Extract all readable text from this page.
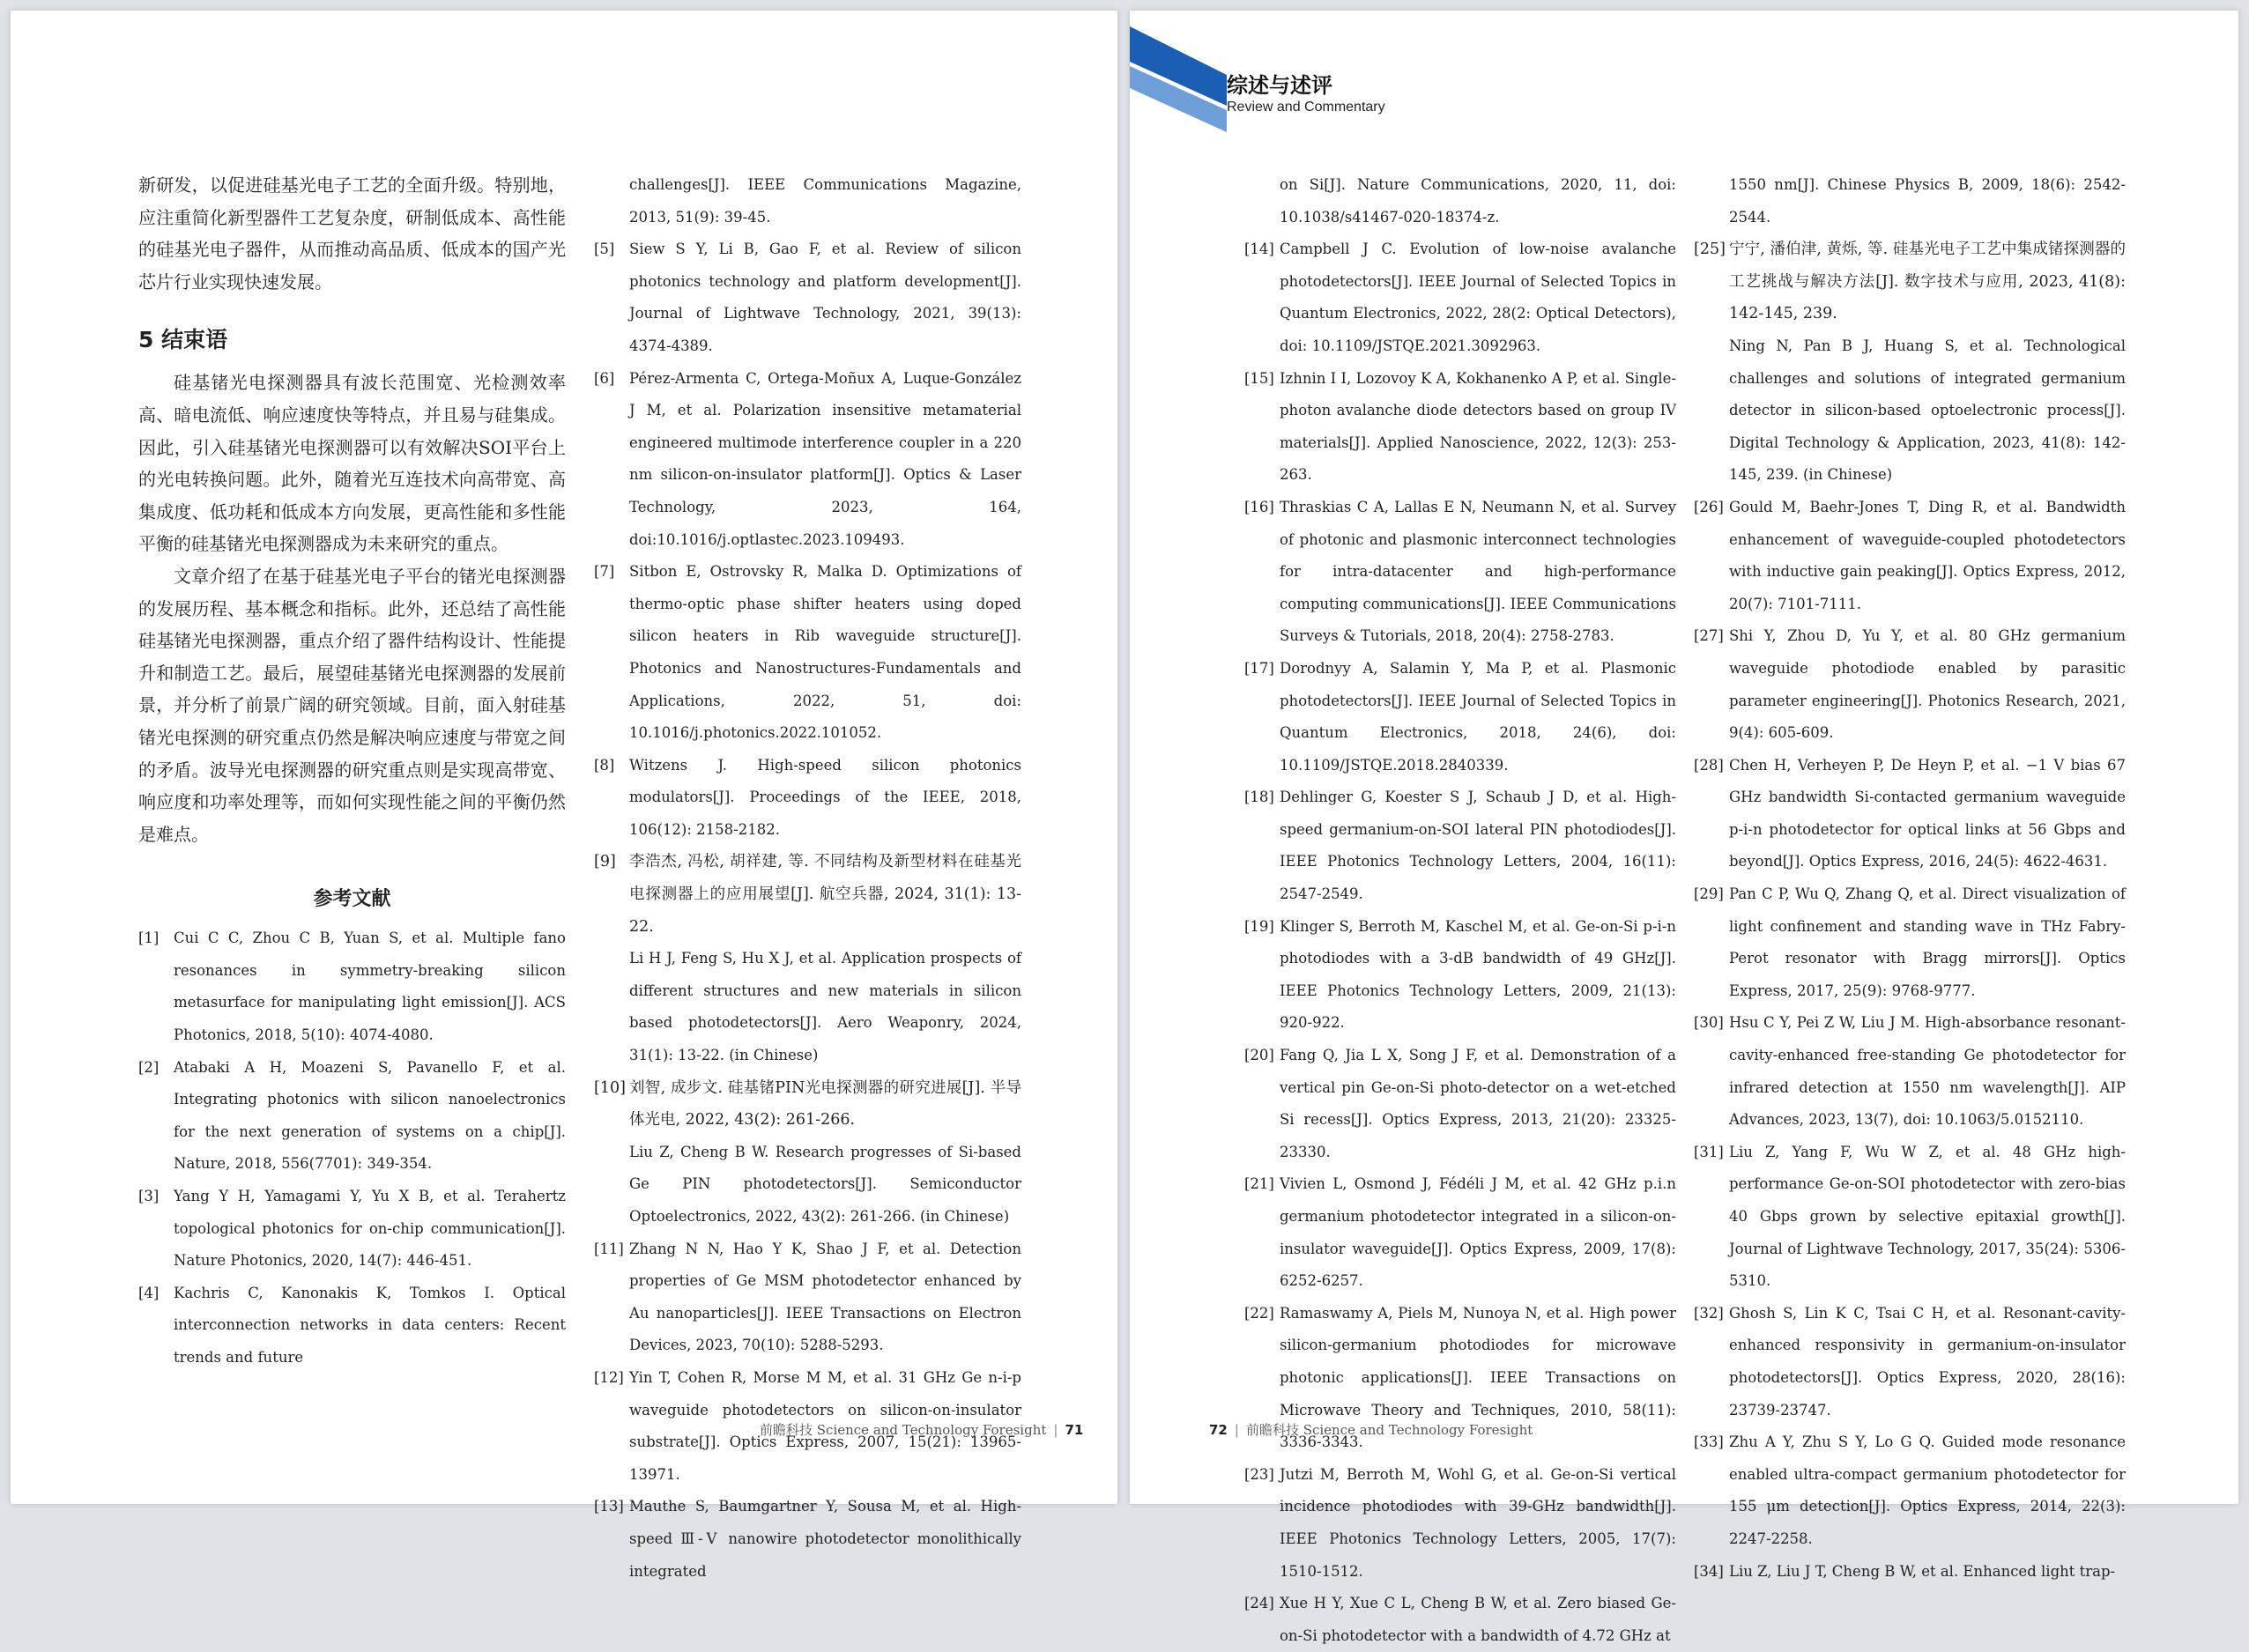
新研发，以促进硅基光电子工艺的全面升级。特别地，应注重简化新型器件工艺复杂度，研制低成本、高性能的硅基光电子器件，从而推动高品质、低成本的国产光芯片行业实现快速发展。

5 结束语

硅基锗光电探测器具有波长范围宽、光检测效率高、暗电流低、响应速度快等特点，并且易与硅集成。因此，引入硅基锗光电探测器可以有效解决SOI平台上的光电转换问题。此外，随着光互连技术向高带宽、高集成度、低功耗和低成本方向发展，更高性能和多性能平衡的硅基锗光电探测器成为未来研究的重点。

文章介绍了在基于硅基光电子平台的锗光电探测器的发展历程、基本概念和指标。此外，还总结了高性能硅基锗光电探测器，重点介绍了器件结构设计、性能提升和制造工艺。最后，展望硅基锗光电探测器的发展前景，并分析了前景广阔的研究领域。目前，面入射硅基锗光电探测的研究重点仍然是解决响应速度与带宽之间的矛盾。波导光电探测器的研究重点则是实现高带宽、响应度和功率处理等，而如何实现性能之间的平衡仍然是难点。

参考文献
[1] Cui C C, Zhou C B, Yuan S, et al. Multiple fano resonances in symmetry-breaking silicon metasurface for manipulating light emission[J]. ACS Photonics, 2018, 5(10): 4074-4080.
[2] Atabaki A H, Moazeni S, Pavanello F, et al. Integrating photonics with silicon nanoelectronics for the next generation of systems on a chip[J]. Nature, 2018, 556(7701): 349-354.
[3] Yang Y H, Yamagami Y, Yu X B, et al. Terahertz topological photonics for on-chip communication[J]. Nature Photonics, 2020, 14(7): 446-451.
[4] Kachris C, Kanonakis K, Tomkos I. Optical interconnection networks in data centers: Recent trends and future
challenges[J]. IEEE Communications Magazine, 2013, 51(9): 39-45.
[5] Siew S Y, Li B, Gao F, et al. Review of silicon photonics technology and platform development[J]. Journal of Lightwave Technology, 2021, 39(13): 4374-4389.
[6] Pérez-Armenta C, Ortega-Moñux A, Luque-González J M, et al. Polarization insensitive metamaterial engineered multimode interference coupler in a 220 nm silicon-on-insulator platform[J]. Optics & Laser Technology, 2023, 164, doi:10.1016/j.optlastec.2023.109493.
[7] Sitbon E, Ostrovsky R, Malka D. Optimizations of thermo-optic phase shifter heaters using doped silicon heaters in Rib waveguide structure[J]. Photonics and Nanostructures-Fundamentals and Applications, 2022, 51, doi: 10.1016/j.photonics.2022.101052.
[8] Witzens J. High-speed silicon photonics modulators[J]. Proceedings of the IEEE, 2018, 106(12): 2158-2182.
[9] 李浩杰, 冯松, 胡祥建, 等. 不同结构及新型材料在硅基光电探测器上的应用展望[J]. 航空兵器, 2024, 31(1): 13-22.
Li H J, Feng S, Hu X J, et al. Application prospects of different structures and new materials in silicon based photodetectors[J]. Aero Weaponry, 2024, 31(1): 13-22. (in Chinese)
[10] 刘智, 成步文. 硅基锗PIN光电探测器的研究进展[J]. 半导体光电, 2022, 43(2): 261-266.
Liu Z, Cheng B W. Research progresses of Si-based Ge PIN photodetectors[J]. Semiconductor Optoelectronics, 2022, 43(2): 261-266. (in Chinese)
[11] Zhang N N, Hao Y K, Shao J F, et al. Detection properties of Ge MSM photodetector enhanced by Au nanoparticles[J]. IEEE Transactions on Electron Devices, 2023, 70(10): 5288-5293.
[12] Yin T, Cohen R, Morse M M, et al. 31 GHz Ge n-i-p waveguide photodetectors on silicon-on-insulator substrate[J]. Optics Express, 2007, 15(21): 13965-13971.
[13] Mauthe S, Baumgartner Y, Sousa M, et al. High-speed Ⅲ-Ⅴ nanowire photodetector monolithically integrated
前瞻科技 Science and Technology Foresight | 71
综述与述评
Review and Commentary
on Si[J]. Nature Communications, 2020, 11, doi: 10.1038/s41467-020-18374-z.
[14] Campbell J C. Evolution of low-noise avalanche photodetectors[J]. IEEE Journal of Selected Topics in Quantum Electronics, 2022, 28(2: Optical Detectors), doi: 10.1109/JSTQE.2021.3092963.
[15] Izhnin I I, Lozovoy K A, Kokhanenko A P, et al. Single-photon avalanche diode detectors based on group IV materials[J]. Applied Nanoscience, 2022, 12(3): 253-263.
[16] Thraskias C A, Lallas E N, Neumann N, et al. Survey of photonic and plasmonic interconnect technologies for intra-datacenter and high-performance computing communications[J]. IEEE Communications Surveys & Tutorials, 2018, 20(4): 2758-2783.
[17] Dorodnyy A, Salamin Y, Ma P, et al. Plasmonic photodetectors[J]. IEEE Journal of Selected Topics in Quantum Electronics, 2018, 24(6), doi: 10.1109/JSTQE.2018.2840339.
[18] Dehlinger G, Koester S J, Schaub J D, et al. High-speed germanium-on-SOI lateral PIN photodiodes[J]. IEEE Photonics Technology Letters, 2004, 16(11): 2547-2549.
[19] Klinger S, Berroth M, Kaschel M, et al. Ge-on-Si p-i-n photodiodes with a 3-dB bandwidth of 49 GHz[J]. IEEE Photonics Technology Letters, 2009, 21(13): 920-922.
[20] Fang Q, Jia L X, Song J F, et al. Demonstration of a vertical pin Ge-on-Si photo-detector on a wet-etched Si recess[J]. Optics Express, 2013, 21(20): 23325-23330.
[21] Vivien L, Osmond J, Fédéli J M, et al. 42 GHz p.i.n germanium photodetector integrated in a silicon-on-insulator waveguide[J]. Optics Express, 2009, 17(8): 6252-6257.
[22] Ramaswamy A, Piels M, Nunoya N, et al. High power silicon-germanium photodiodes for microwave photonic applications[J]. IEEE Transactions on Microwave Theory and Techniques, 2010, 58(11): 3336-3343.
[23] Jutzi M, Berroth M, Wohl G, et al. Ge-on-Si vertical incidence photodiodes with 39-GHz bandwidth[J]. IEEE Photonics Technology Letters, 2005, 17(7): 1510-1512.
[24] Xue H Y, Xue C L, Cheng B W, et al. Zero biased Ge-on-Si photodetector with a bandwidth of 4.72 GHz at
1550 nm[J]. Chinese Physics B, 2009, 18(6): 2542-2544.
[25] 宁宁, 潘伯津, 黄烁, 等. 硅基光电子工艺中集成锗探测器的工艺挑战与解决方法[J]. 数字技术与应用, 2023, 41(8): 142-145, 239.
Ning N, Pan B J, Huang S, et al. Technological challenges and solutions of integrated germanium detector in silicon-based optoelectronic process[J]. Digital Technology & Application, 2023, 41(8): 142-145, 239. (in Chinese)
[26] Gould M, Baehr-Jones T, Ding R, et al. Bandwidth enhancement of waveguide-coupled photodetectors with inductive gain peaking[J]. Optics Express, 2012, 20(7): 7101-7111.
[27] Shi Y, Zhou D, Yu Y, et al. 80 GHz germanium waveguide photodiode enabled by parasitic parameter engineering[J]. Photonics Research, 2021, 9(4): 605-609.
[28] Chen H, Verheyen P, De Heyn P, et al. −1 V bias 67 GHz bandwidth Si-contacted germanium waveguide p-i-n photodetector for optical links at 56 Gbps and beyond[J]. Optics Express, 2016, 24(5): 4622-4631.
[29] Pan C P, Wu Q, Zhang Q, et al. Direct visualization of light confinement and standing wave in THz Fabry-Perot resonator with Bragg mirrors[J]. Optics Express, 2017, 25(9): 9768-9777.
[30] Hsu C Y, Pei Z W, Liu J M. High-absorbance resonant-cavity-enhanced free-standing Ge photodetector for infrared detection at 1550 nm wavelength[J]. AIP Advances, 2023, 13(7), doi: 10.1063/5.0152110.
[31] Liu Z, Yang F, Wu W Z, et al. 48 GHz high-performance Ge-on-SOI photodetector with zero-bias 40 Gbps grown by selective epitaxial growth[J]. Journal of Lightwave Technology, 2017, 35(24): 5306-5310.
[32] Ghosh S, Lin K C, Tsai C H, et al. Resonant-cavity-enhanced responsivity in germanium-on-insulator photodetectors[J]. Optics Express, 2020, 28(16): 23739-23747.
[33] Zhu A Y, Zhu S Y, Lo G Q. Guided mode resonance enabled ultra-compact germanium photodetector for 155 μm detection[J]. Optics Express, 2014, 22(3): 2247-2258.
[34] Liu Z, Liu J T, Cheng B W, et al. Enhanced light trap-
72 | 前瞻科技 Science and Technology Foresight
